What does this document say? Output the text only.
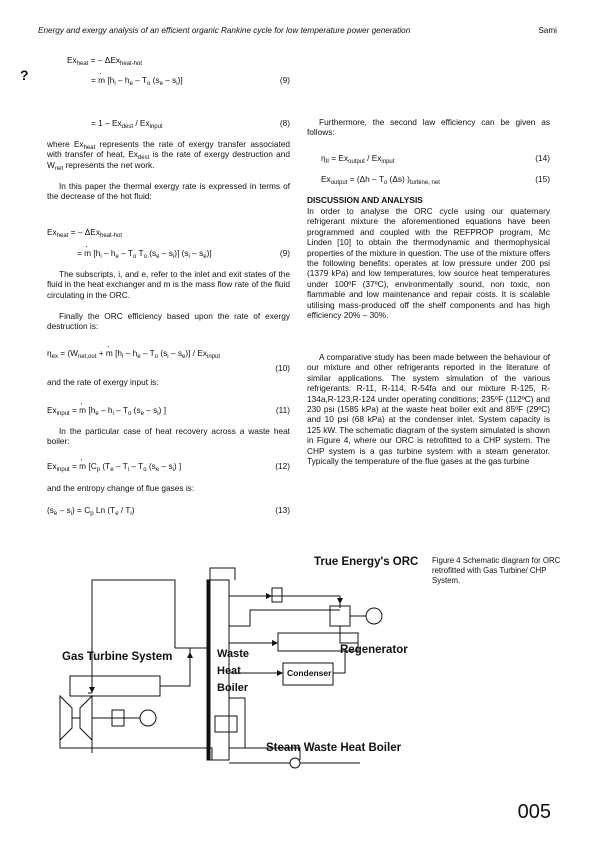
Energy and exergy analysis of an efficient organic Rankine cycle for low temperature power generation	Sami
?
$Ex_{heat}$ = – ΔEx$_{heat-hot}$
= $m \cdot [h_i - h_e - T_o$ $(s_e - s_i)$]	(9)
= $1 - Ex_{dest} / Ex_{input}$	(8)
where $Ex_{heat}$ represents the rate of exergy transfer associated with transfer of heat, $Ex_{dest}$ is the rate of exergy destruction and $W_{net}$ represents the net work.
In this paper the thermal exergy rate is expressed in terms of the decrease of the hot fluid:
$Ex_{heat}$ = – ΔEx$_{heat-hot}$
= $m \cdot [h_i - h_e - T_o$ $T_o$ $(s_e - s_i)$] $(s_i - s_e)$]	(9)
The subscripts, i, and e, refer to the inlet and exit states of the fluid in the heat exchanger and m is the mass flow rate of the fluid circulating in the ORC.
Finally the ORC efficiency based upon the rate of exergy destruction is:
$\eta_{ex} = (W_{net,out} + m \cdot [h_i - h_e - T_o$ $(s_i - s_e)] / Ex_{input}$
(10)
and the rate of exergy input is:
$Ex_{input} = m \cdot [h_e - h_i - T_o$ $(s_e - s_i)$ ]	(11)
In the particular case of heat recovery across a waste heat boiler:
$Ex_{input} = m \cdot [C_p$ ($T_e - T_i - T_o$ $(s_e - s_i)$ ]	(12)
and the entropy change of flue gases is:
$(s_e - s_i) = C_p$ Ln $(T_e / T_i)$	(13)
Furthermore, the second law efficiency can be given as follows:
$\eta_{II} = Ex_{output} / Ex_{input}$	(14)
$Ex_{output} = (\Delta h - T_o$ (Δs) )$_{turbine, net}$	(15)
DISCUSSION AND ANALYSIS
In order to analyse the ORC cycle using our quaternary refrigerant mixture the aforementioned equations have been programmed and coupled with the REFPROP program, Mc Linden [10] to obtain the thermodynamic and thermophysical properties of the mixture in question. The use of the mixture offers the following benefits: operates at low pressure under 200 psi (1379 kPa) and low temperatures, low source heat temperatures under 100ºF (37ºC), environmentally sound, non toxic, non flammable and low maintenance and repair costs. It is scalable utilising mass-produced off the shelf components and has high efficiency 20% – 30%.
A comparative study has been made between the behaviour of our mixture and other refrigerants reported in the literature of similar applications. The system simulation of the various refrigerants: R-11, R-114, R-54fa and our mixture R-125, R-134a,R-123,R-124 under operating conditions; 235ºF (112ºC) and 230 psi (1585 kPa) at the waste heat boiler exit and 85ºF (29ºC) and 10 psi (68 kPa) at the condenser inlet. System capacity is 125 kW. The schematic diagram of the system simulated is shown in Figure 4, where our ORC is retrofitted to a CHP system. The CHP system is a gas turbine system with a steam generator. Typically the temperature of the flue gases at the gas turbine
True Energy's ORC
Gas Turbine System	Waste
Heat
Boiler
Regenerator
Condenser
Steam Waste Heat Boiler
Figure 4 Schematic diagram for ORC retrofitted with Gas Turbine/ CHP System.
005
